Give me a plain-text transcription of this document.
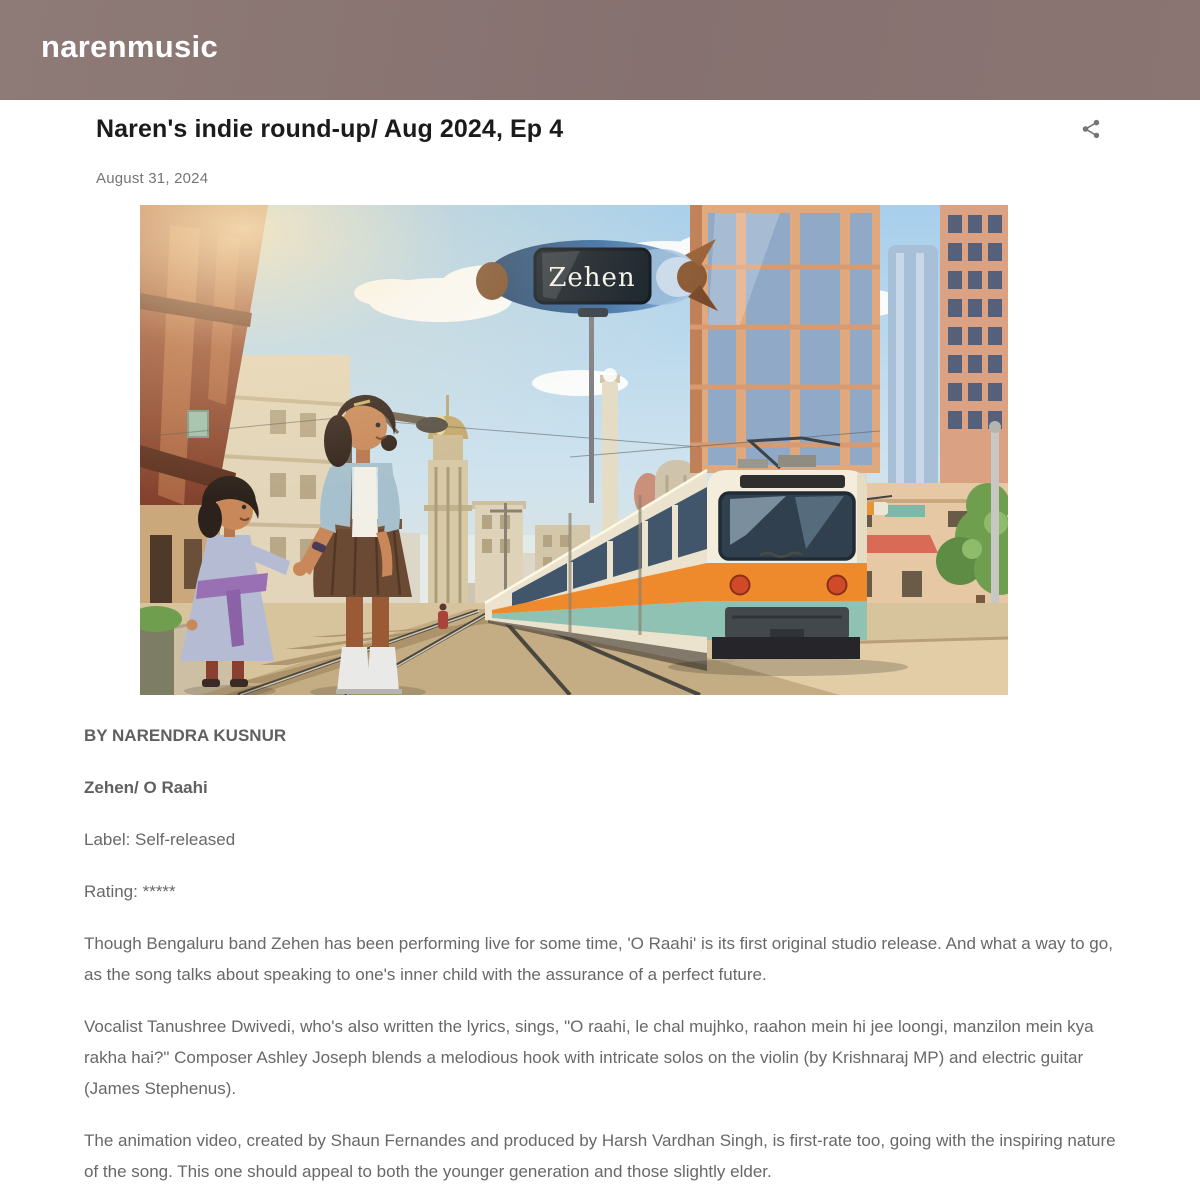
narenmusic
Naren's indie round-up/ Aug 2024, Ep 4
August 31, 2024

BY NARENDRA KUSNUR

Zehen/ O Raahi

Label: Self-released

Rating: *****

Though Bengaluru band Zehen has been performing live for some time, 'O Raahi' is its first original studio release. And what a way to go, as the song talks about speaking to one's inner child with the assurance of a perfect future.

Vocalist Tanushree Dwivedi, who's also written the lyrics, sings, "O raahi, le chal mujhko, raahon mein hi jee loongi, manzilon mein kya rakha hai?" Composer Ashley Joseph blends a melodious hook with intricate solos on the violin (by Krishnaraj MP) and electric guitar (James Stephenus).

The animation video, created by Shaun Fernandes and produced by Harsh Vardhan Singh, is first-rate too, going with the inspiring nature of the song. This one should appeal to both the younger generation and those slightly elder.
